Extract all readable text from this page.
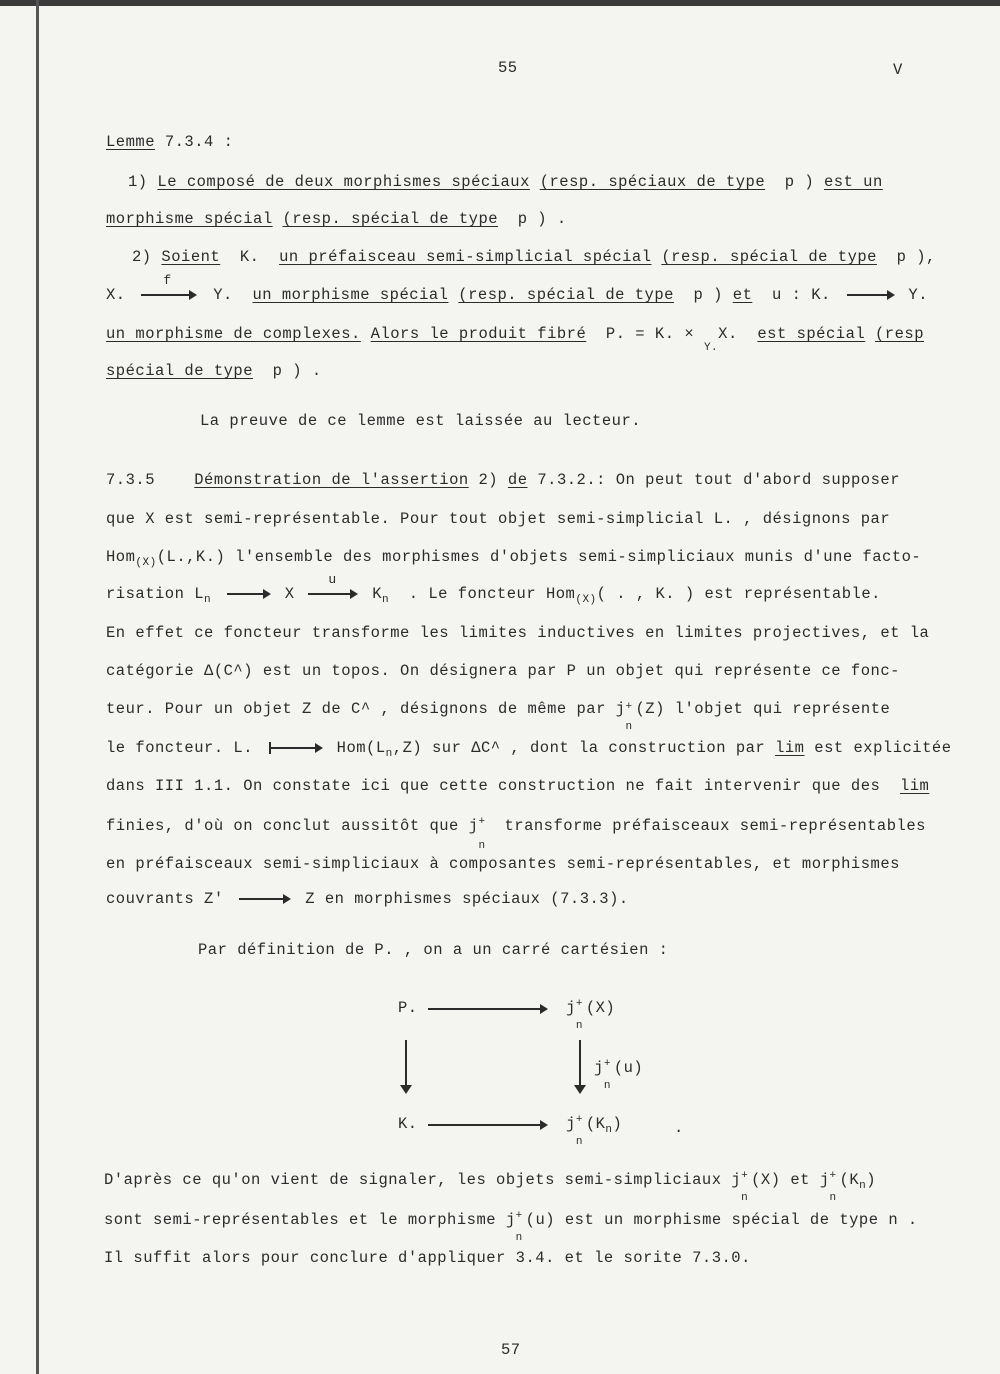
55	V
Lemme 7.3.4 :
1) Le composé de deux morphismes spéciaux (resp. spéciaux de type p ) est un
morphisme spécial (resp. spécial de type p ) .
2) Soient K. un préfaisceau semi-simplicial spécial (resp. spécial de type p ),
X.
f
Y. un morphisme spécial (resp. spécial de type p ) et u : K.	Y.
un morphisme de complexes. Alors le produit fibré P. = K. × $_{Y.}$X. est spécial (resp
spécial de type p ) .
La preuve de ce lemme est laissée au lecteur.
7.3.5	Démonstration de l'assertion 2) de 7.3.2.: On peut tout d'abord supposer
que X est semi-représentable. Pour tout objet semi-simplicial L. , désignons par
Hom$_{(X)}$(L.,K.) l'ensemble des morphismes d'objets semi-simpliciaux munis d'une facto-
risation $L_n$	X
u
$K_n$ . Le foncteur Hom$_{(X)}$( . , K. ) est représentable.
En effet ce foncteur transforme les limites inductives en limites projectives, et la
catégorie Δ(C^) est un topos. On désignera par P un objet qui représente ce fonc-
teur. Pour un objet Z de C^ , désignons de même par j +
n
(Z) l'objet qui représente
le foncteur. L.	$Hom(L_n,Z)$ sur ΔC^ , dont la construction par lim est explicitée
dans III 1.1. On constate ici que cette construction ne fait intervenir que des lim
finies, d'où on conclut aussitôt que j +
n
transforme préfaisceaux semi-représentables
en préfaisceaux semi-simpliciaux à composantes semi-représentables, et morphismes
couvrants Z'	Z en morphismes spéciaux (7.3.3).
Par définition de P. , on a un carré cartésien :
P.	j +
n
(X)
j +
n
(u)
K.	j +
n
$(K_n)$	.
D'après ce qu'on vient de signaler, les objets semi-simpliciaux j +
n
(X) et j +
n
$(K_n)$
sont semi-représentables et le morphisme j +
n
(u) est un morphisme spécial de type n .
Il suffit alors pour conclure d'appliquer 3.4. et le sorite 7.3.0.
57
